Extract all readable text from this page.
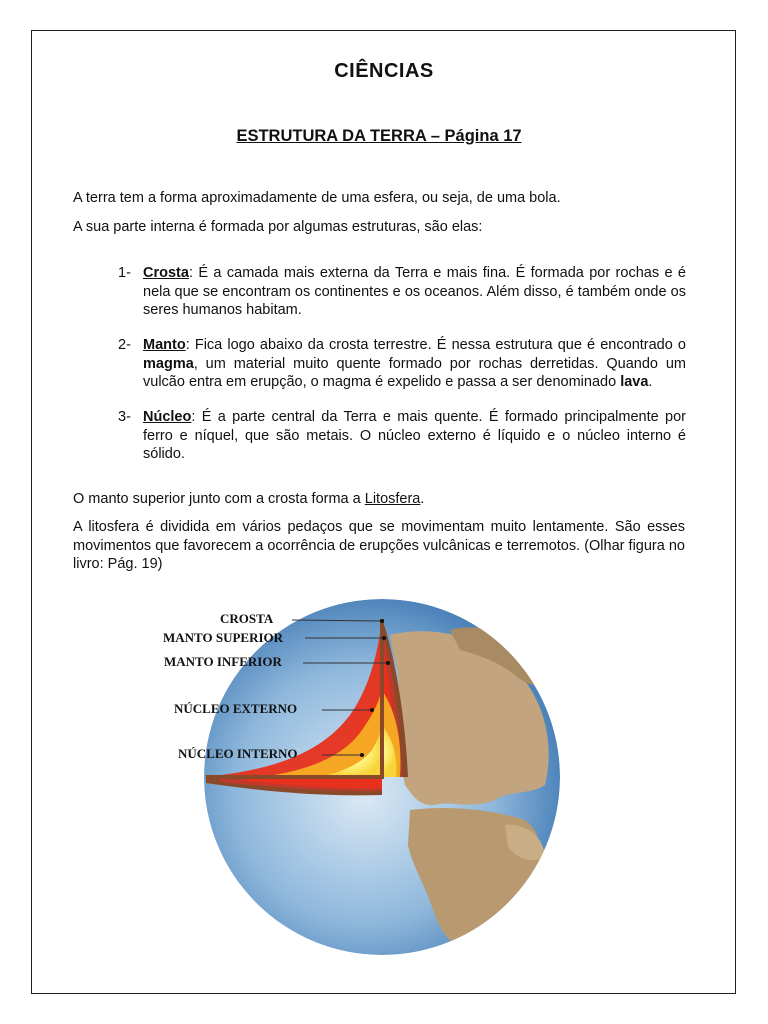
CIÊNCIAS
ESTRUTURA DA TERRA – Página 17

A terra tem a forma aproximadamente de uma esfera, ou seja, de uma bola.

A sua parte interna é formada por algumas estruturas, são elas:

1- Crosta: É a camada mais externa da Terra e mais fina. É formada por rochas e é nela que se encontram os continentes e os oceanos. Além disso, é também onde os seres humanos habitam.
2- Manto: Fica logo abaixo da crosta terrestre. É nessa estrutura que é encontrado o magma, um material muito quente formado por rochas derretidas. Quando um vulcão entra em erupção, o magma é expelido e passa a ser denominado lava.
3- Núcleo: É a parte central da Terra e mais quente. É formado principalmente por ferro e níquel, que são metais. O núcleo externo é líquido e o núcleo interno é sólido.

O manto superior junto com a crosta forma a Litosfera.

A litosfera é dividida em vários pedaços que se movimentam muito lentamente. São esses movimentos que favorecem a ocorrência de erupções vulcânicas e terremotos. (Olhar figura no livro: Pág. 19)

CROSTA
MANTO SUPERIOR
MANTO INFERIOR
NÚCLEO EXTERNO
NÚCLEO INTERNO
